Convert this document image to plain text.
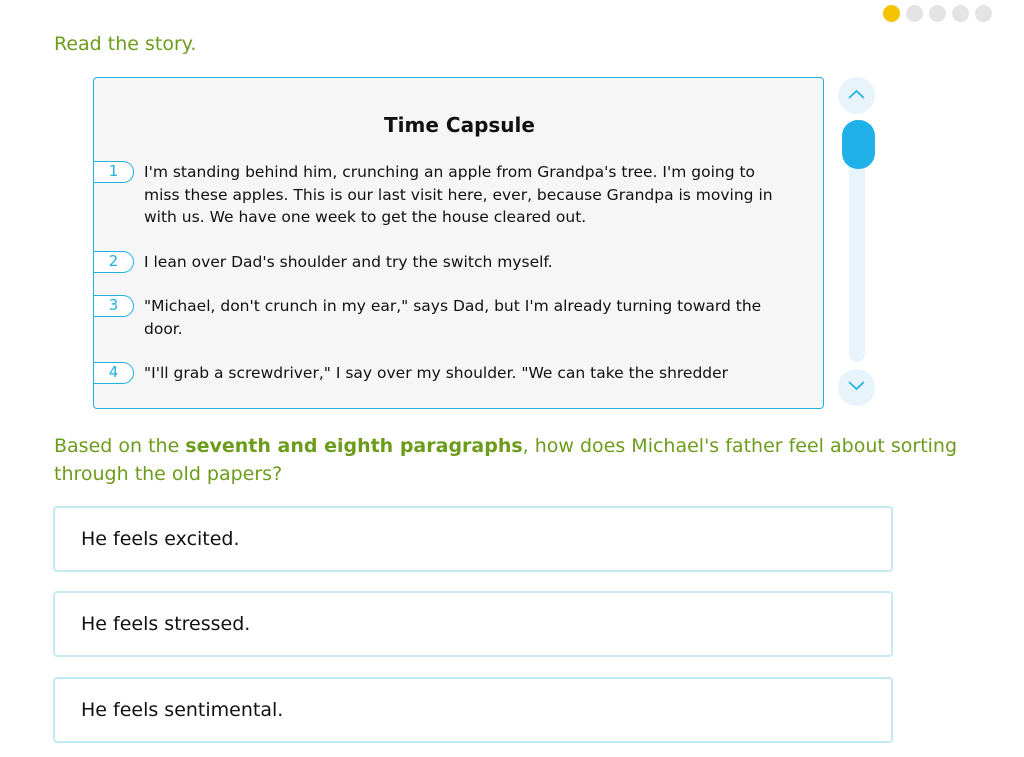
Read the story.
Time Capsule
1	I'm standing behind him, crunching an apple from Grandpa's tree. I'm going to miss these apples. This is our last visit here, ever, because Grandpa is moving in with us. We have one week to get the house cleared out.
2	I lean over Dad's shoulder and try the switch myself.
3	"Michael, don't crunch in my ear," says Dad, but I'm already turning toward the door.
4	"I'll grab a screwdriver," I say over my shoulder. "We can take the shredder
Based on the seventh and eighth paragraphs, how does Michael's father feel about sorting through the old papers?
He feels excited.
He feels stressed.
He feels sentimental.
